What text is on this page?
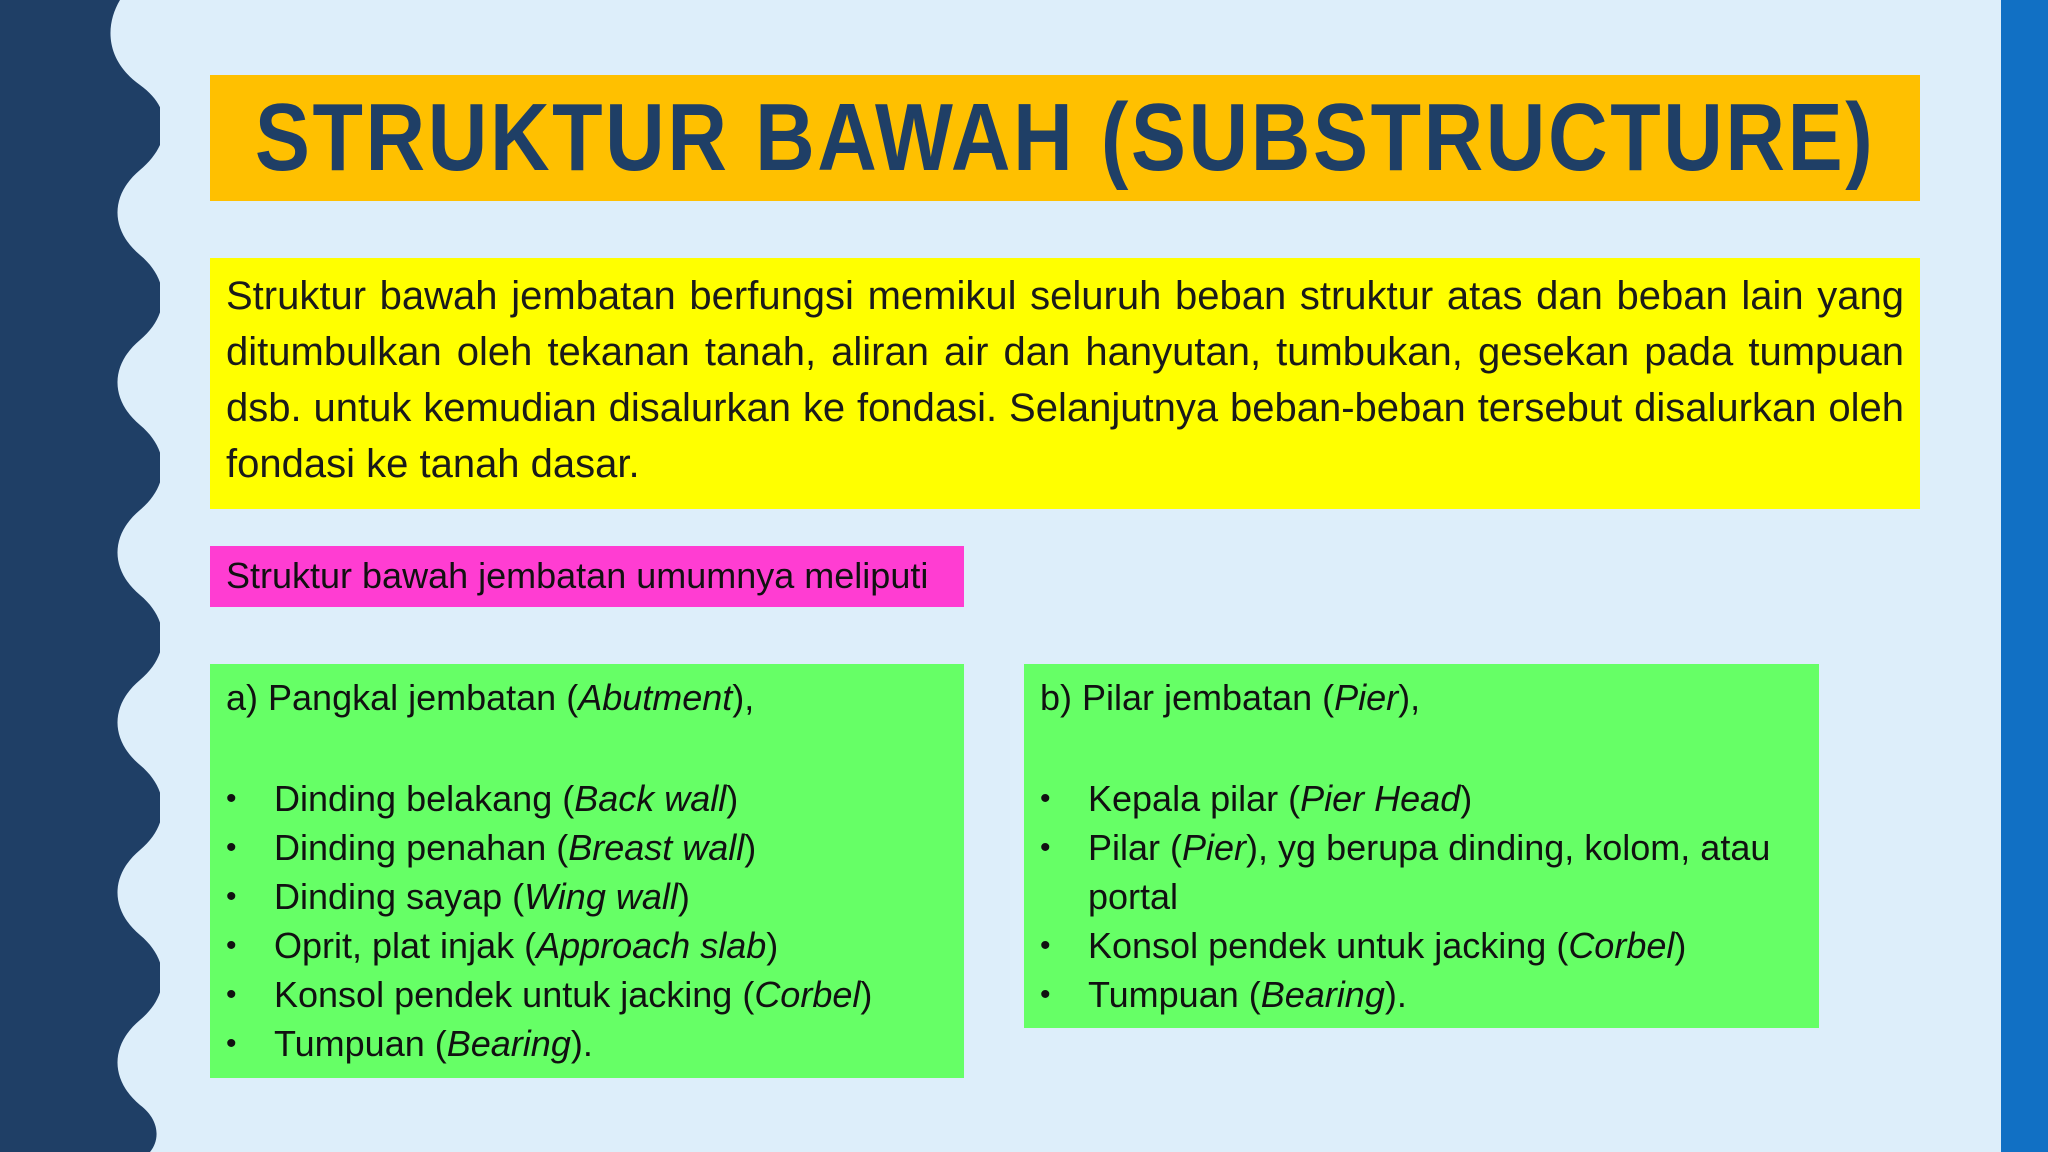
STRUKTUR BAWAH (SUBSTRUCTURE)

Struktur bawah jembatan berfungsi memikul seluruh beban struktur atas dan beban lain yang ditumbulkan oleh tekanan tanah, aliran air dan hanyutan, tumbukan, gesekan pada tumpuan dsb. untuk kemudian disalurkan ke fondasi. Selanjutnya beban-beban tersebut disalurkan oleh fondasi ke tanah dasar.

Struktur bawah jembatan umumnya meliputi
a) Pangkal jembatan (Abutment),
• Dinding belakang (Back wall)
• Dinding penahan (Breast wall)
• Dinding sayap (Wing wall)
• Oprit, plat injak (Approach slab)
• Konsol pendek untuk jacking (Corbel)
• Tumpuan (Bearing).
b) Pilar jembatan (Pier),
• Kepala pilar (Pier Head)
• Pilar (Pier), yg berupa dinding, kolom, atau portal
• Konsol pendek untuk jacking (Corbel)
• Tumpuan (Bearing).
